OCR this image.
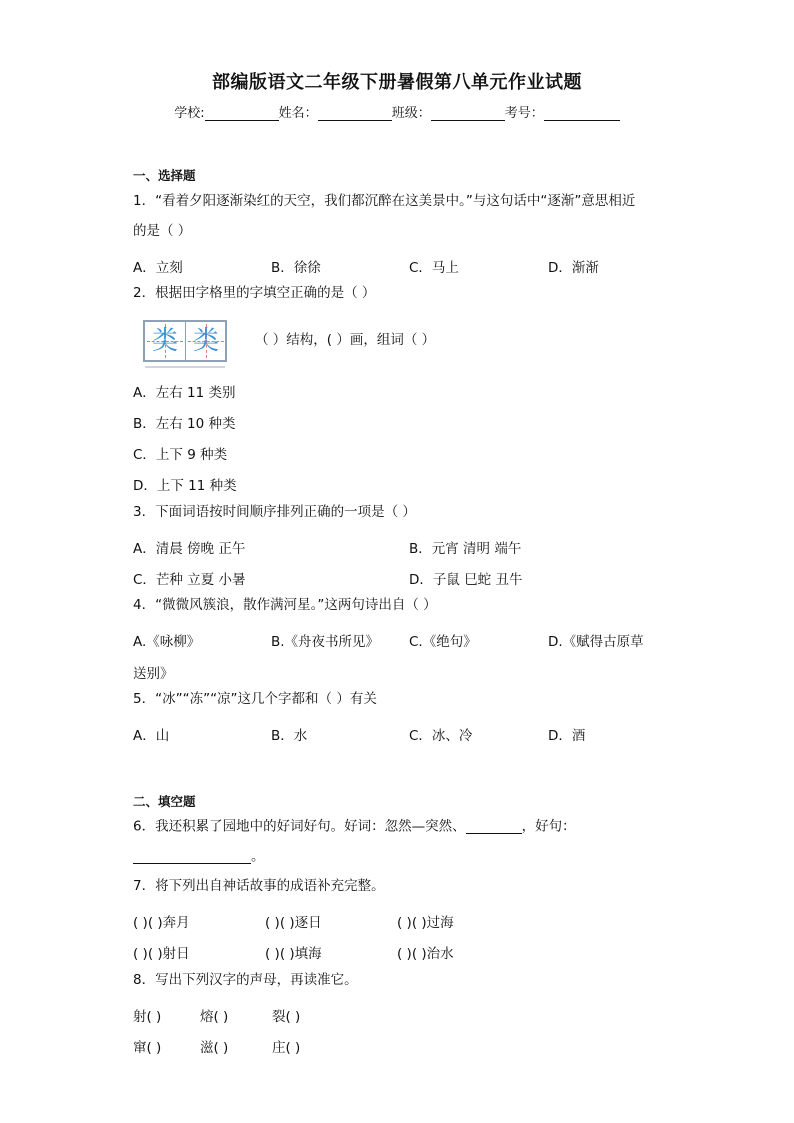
部编版语文二年级下册暑假第八单元作业试题
学校:	姓名：	班级：	考号：
一、选择题
1．“看着夕阳逐渐染红的天空，我们都沉醉在这美景中。”与这句话中“逐渐”意思相近
的是（ ）
A．立刻	B．徐徐	C．马上	D．渐渐
2．根据田字格里的字填空正确的是（ ）
类 类	（ ）结构，( ）画，组词（ ）
A．左右 11 类别
B．左右 10 种类
C．上下 9 种类
D．上下 11 种类
3．下面词语按时间顺序排列正确的一项是（ ）
A．清晨 傍晚 正午	B．元宵 清明 端午
C．芒种 立夏 小暑	D．子鼠 巳蛇 丑牛
4．“微微风簇浪，散作满河星。”这两句诗出自（ ）
A.《咏柳》	B.《舟夜书所见》 C.《绝句》	D.《赋得古原草
送别》
5．“冰”“冻”“凉”这几个字都和（ ）有关
A．山	B．水	C．冰、冷	D．酒
二、填空题
6．我还积累了园地中的好词好句。好词：忽然—突然、	，好句：
。
7．将下列出自神话故事的成语补充完整。
( )( )奔月	( )( )逐日	( )( )过海
( )( )射日	( )( )填海	( )( )治水
8．写出下列汉字的声母，再读准它。
射( )	熔( )	裂( )
窜( )	滋( )	庄( )
